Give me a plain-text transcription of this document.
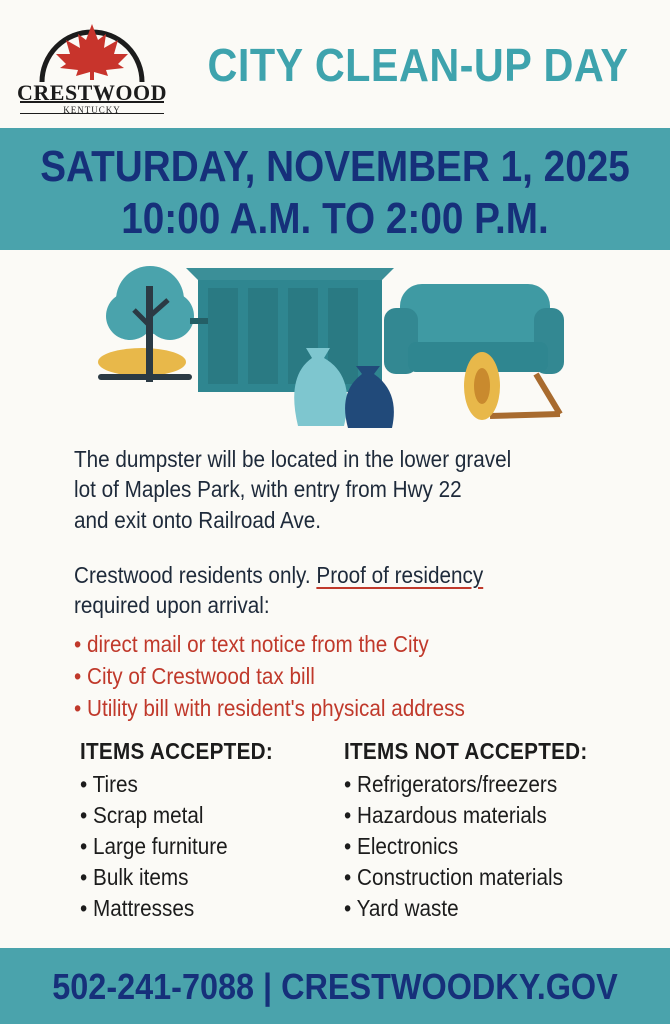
CRESTWOOD
KENTUCKY
CITY CLEAN-UP DAY
SATURDAY, NOVEMBER 1, 2025
10:00 A.M. TO 2:00 P.M.
The dumpster will be located in the lower gravel
lot of Maples Park, with entry from Hwy 22
and exit onto Railroad Ave.
Crestwood residents only. Proof of residency
required upon arrival:
• direct mail or text notice from the City
• City of Crestwood tax bill
• Utility bill with resident's physical address
ITEMS ACCEPTED:
• Tires
• Scrap metal
• Large furniture
• Bulk items
• Mattresses
ITEMS NOT ACCEPTED:
• Refrigerators/freezers
• Hazardous materials
• Electronics
• Construction materials
• Yard waste
502-241-7088 | CRESTWOODKY.GOV
